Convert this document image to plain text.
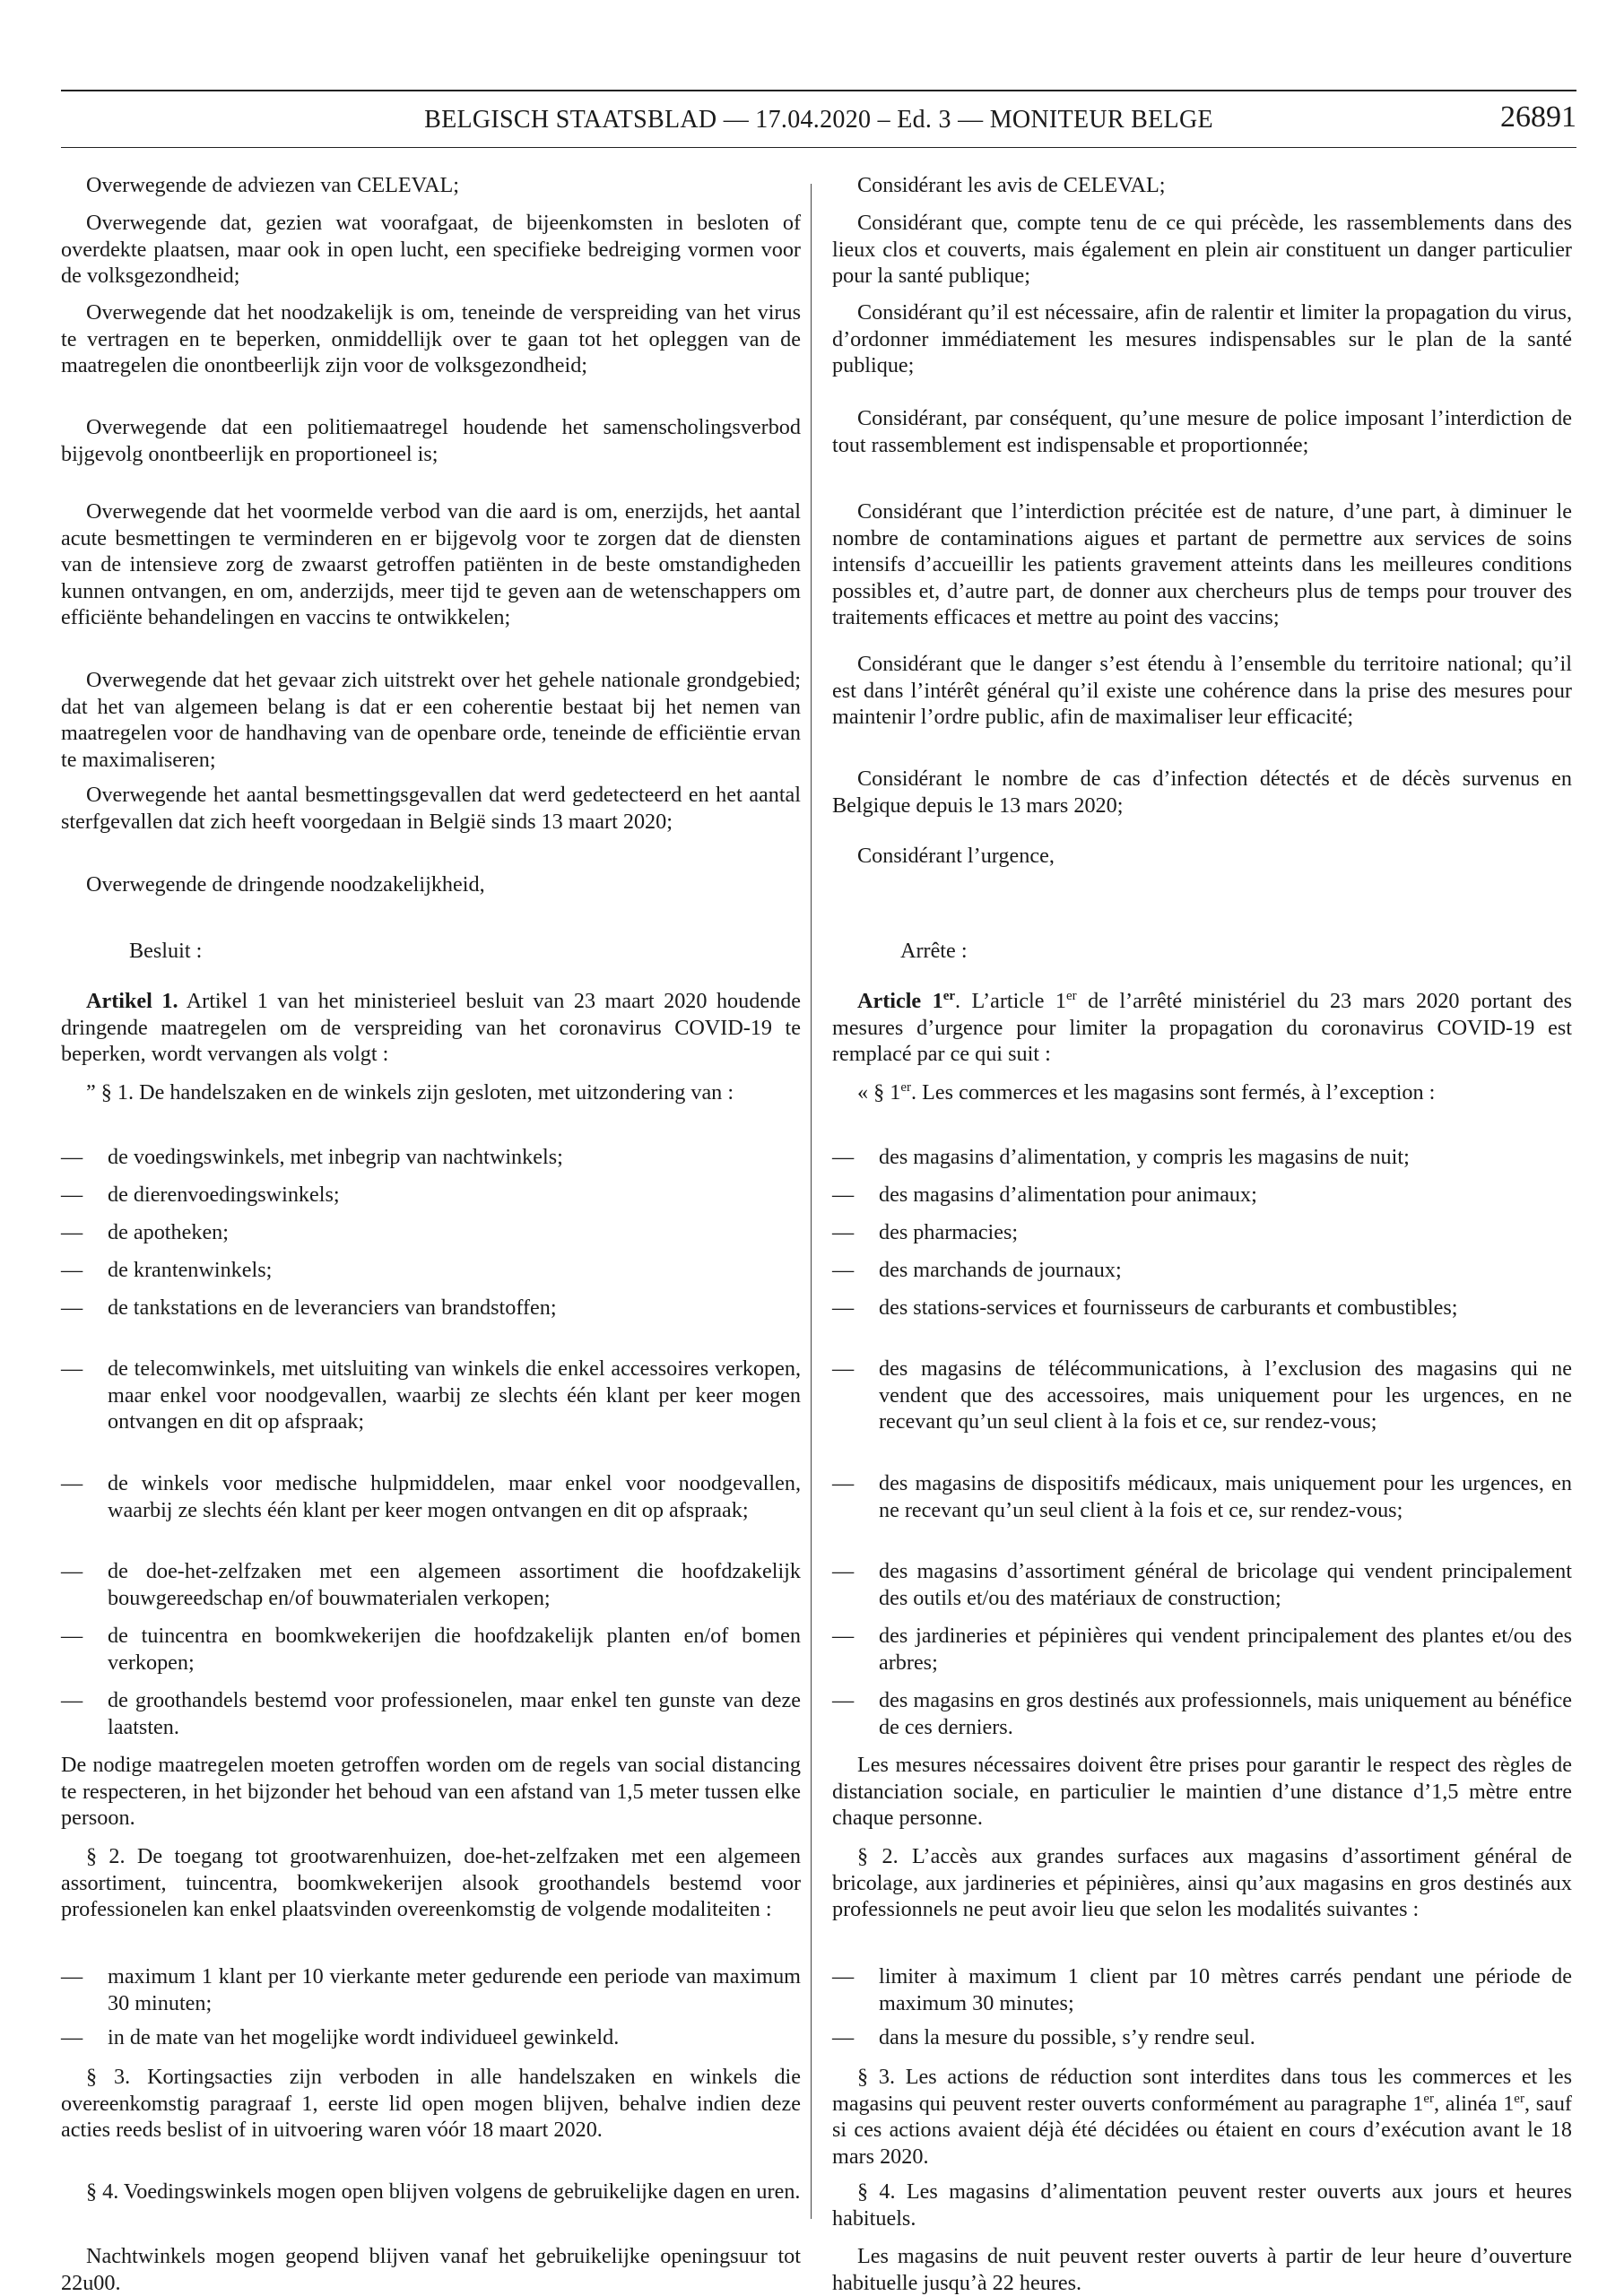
BELGISCH STAATSBLAD — 17.04.2020 – Ed. 3 — MONITEUR BELGE	26891

Overwegende de adviezen van CELEVAL;

Overwegende dat, gezien wat voorafgaat, de bijeenkomsten in besloten of overdekte plaatsen, maar ook in open lucht, een specifieke bedreiging vormen voor de volksgezondheid;

Overwegende dat het noodzakelijk is om, teneinde de verspreiding van het virus te vertragen en te beperken, onmiddellijk over te gaan tot het opleggen van de maatregelen die onontbeerlijk zijn voor de volksgezondheid;

Overwegende dat een politiemaatregel houdende het samenscholingsverbod bijgevolg onontbeerlijk en proportioneel is;

Overwegende dat het voormelde verbod van die aard is om, enerzijds, het aantal acute besmettingen te verminderen en er bijgevolg voor te zorgen dat de diensten van de intensieve zorg de zwaarst getroffen patiënten in de beste omstandigheden kunnen ontvangen, en om, anderzijds, meer tijd te geven aan de wetenschappers om efficiënte behandelingen en vaccins te ontwikkelen;

Overwegende dat het gevaar zich uitstrekt over het gehele nationale grondgebied; dat het van algemeen belang is dat er een coherentie bestaat bij het nemen van maatregelen voor de handhaving van de openbare orde, teneinde de efficiëntie ervan te maximaliseren;

Overwegende het aantal besmettingsgevallen dat werd gedetecteerd en het aantal sterfgevallen dat zich heeft voorgedaan in België sinds 13 maart 2020;

Overwegende de dringende noodzakelijkheid,

Besluit :

Artikel 1. Artikel 1 van het ministerieel besluit van 23 maart 2020 houdende dringende maatregelen om de verspreiding van het coronavirus COVID-19 te beperken, wordt vervangen als volgt :

” § 1. De handelszaken en de winkels zijn gesloten, met uitzondering van :

— de voedingswinkels, met inbegrip van nachtwinkels;
— de dierenvoedingswinkels;
— de apotheken;
— de krantenwinkels;
— de tankstations en de leveranciers van brandstoffen;
— de telecomwinkels, met uitsluiting van winkels die enkel accessoires verkopen, maar enkel voor noodgevallen, waarbij ze slechts één klant per keer mogen ontvangen en dit op afspraak;
— de winkels voor medische hulpmiddelen, maar enkel voor noodgevallen, waarbij ze slechts één klant per keer mogen ontvangen en dit op afspraak;
— de doe-het-zelfzaken met een algemeen assortiment die hoofdzakelijk bouwgereedschap en/of bouwmaterialen verkopen;
— de tuincentra en boomkwekerijen die hoofdzakelijk planten en/of bomen verkopen;
— de groothandels bestemd voor professionelen, maar enkel ten gunste van deze laatsten.

De nodige maatregelen moeten getroffen worden om de regels van social distancing te respecteren, in het bijzonder het behoud van een afstand van 1,5 meter tussen elke persoon.

§ 2. De toegang tot grootwarenhuizen, doe-het-zelfzaken met een algemeen assortiment, tuincentra, boomkwekerijen alsook groothandels bestemd voor professionelen kan enkel plaatsvinden overeenkomstig de volgende modaliteiten :

— maximum 1 klant per 10 vierkante meter gedurende een periode van maximum 30 minuten;
— in de mate van het mogelijke wordt individueel gewinkeld.

§ 3. Kortingsacties zijn verboden in alle handelszaken en winkels die overeenkomstig paragraaf 1, eerste lid open mogen blijven, behalve indien deze acties reeds beslist of in uitvoering waren vóór 18 maart 2020.

§ 4. Voedingswinkels mogen open blijven volgens de gebruikelijke dagen en uren.

Nachtwinkels mogen geopend blijven vanaf het gebruikelijke openingsuur tot 22u00.

Considérant les avis de CELEVAL;

Considérant que, compte tenu de ce qui précède, les rassemblements dans des lieux clos et couverts, mais également en plein air constituent un danger particulier pour la santé publique;

Considérant qu’il est nécessaire, afin de ralentir et limiter la propagation du virus, d’ordonner immédiatement les mesures indispensables sur le plan de la santé publique;

Considérant, par conséquent, qu’une mesure de police imposant l’interdiction de tout rassemblement est indispensable et proportionnée;

Considérant que l’interdiction précitée est de nature, d’une part, à diminuer le nombre de contaminations aigues et partant de permettre aux services de soins intensifs d’accueillir les patients gravement atteints dans les meilleures conditions possibles et, d’autre part, de donner aux chercheurs plus de temps pour trouver des traitements efficaces et mettre au point des vaccins;

Considérant que le danger s’est étendu à l’ensemble du territoire national; qu’il est dans l’intérêt général qu’il existe une cohérence dans la prise des mesures pour maintenir l’ordre public, afin de maximaliser leur efficacité;

Considérant le nombre de cas d’infection détectés et de décès survenus en Belgique depuis le 13 mars 2020;

Considérant l’urgence,

Arrête :

Article 1er. L’article 1er de l’arrêté ministériel du 23 mars 2020 portant des mesures d’urgence pour limiter la propagation du coronavirus COVID-19 est remplacé par ce qui suit :

« § 1er. Les commerces et les magasins sont fermés, à l’exception :

— des magasins d’alimentation, y compris les magasins de nuit;
— des magasins d’alimentation pour animaux;
— des pharmacies;
— des marchands de journaux;
— des stations-services et fournisseurs de carburants et combustibles;
— des magasins de télécommunications, à l’exclusion des magasins qui ne vendent que des accessoires, mais uniquement pour les urgences, en ne recevant qu’un seul client à la fois et ce, sur rendez-vous;
— des magasins de dispositifs médicaux, mais uniquement pour les urgences, en ne recevant qu’un seul client à la fois et ce, sur rendez-vous;
— des magasins d’assortiment général de bricolage qui vendent principalement des outils et/ou des matériaux de construction;
— des jardineries et pépinières qui vendent principalement des plantes et/ou des arbres;
— des magasins en gros destinés aux professionnels, mais uniquement au bénéfice de ces derniers.

Les mesures nécessaires doivent être prises pour garantir le respect des règles de distanciation sociale, en particulier le maintien d’une distance d’1,5 mètre entre chaque personne.

§ 2. L’accès aux grandes surfaces aux magasins d’assortiment général de bricolage, aux jardineries et pépinières, ainsi qu’aux magasins en gros destinés aux professionnels ne peut avoir lieu que selon les modalités suivantes :

— limiter à maximum 1 client par 10 mètres carrés pendant une période de maximum 30 minutes;
— dans la mesure du possible, s’y rendre seul.

§ 3. Les actions de réduction sont interdites dans tous les commerces et les magasins qui peuvent rester ouverts conformément au paragraphe 1er, alinéa 1er, sauf si ces actions avaient déjà été décidées ou étaient en cours d’exécution avant le 18 mars 2020.

§ 4. Les magasins d’alimentation peuvent rester ouverts aux jours et heures habituels.

Les magasins de nuit peuvent rester ouverts à partir de leur heure d’ouverture habituelle jusqu’à 22 heures.
